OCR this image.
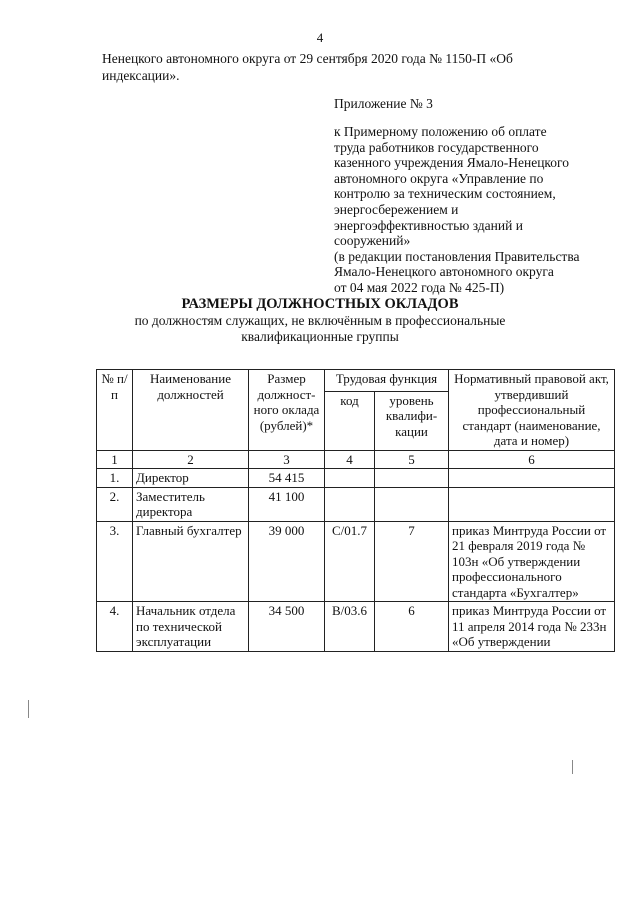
4
Ненецкого автономного округа от 29 сентября 2020 года № 1150-П «Об
индексации».
Приложение № 3
к Примерному положению об оплате
труда работников государственного
казенного учреждения Ямало-Ненецкого
автономного округа «Управление по
контролю за техническим состоянием,
энергосбережением и
энергоэффективностью зданий и
сооружений»
(в редакции постановления Правительства
Ямало-Ненецкого автономного округа
от 04 мая 2022 года № 425-П)
РАЗМЕРЫ ДОЛЖНОСТНЫХ ОКЛАДОВ
по должностям служащих, не включённым в профессиональные
квалификационные группы
№ п/п	Наименование должностей	Размер должност-ного оклада (рублей)*	Трудовая функция		Нормативный правовой акт, утвердивший профессиональный стандарт (наименование, дата и номер)
			код	уровень квалифи-кации	
1	2	3	4	5	6
1.	Директор	54 415			
2.	Заместитель директора	41 100			
3.	Главный бухгалтер	39 000	С/01.7	7	приказ Минтруда России от 21 февраля 2019 года № 103н «Об утверждении профессионального стандарта «Бухгалтер»
4.	Начальник отдела по технической эксплуатации	34 500	В/03.6	6	приказ Минтруда России от 11 апреля 2014 года № 233н «Об утверждении
